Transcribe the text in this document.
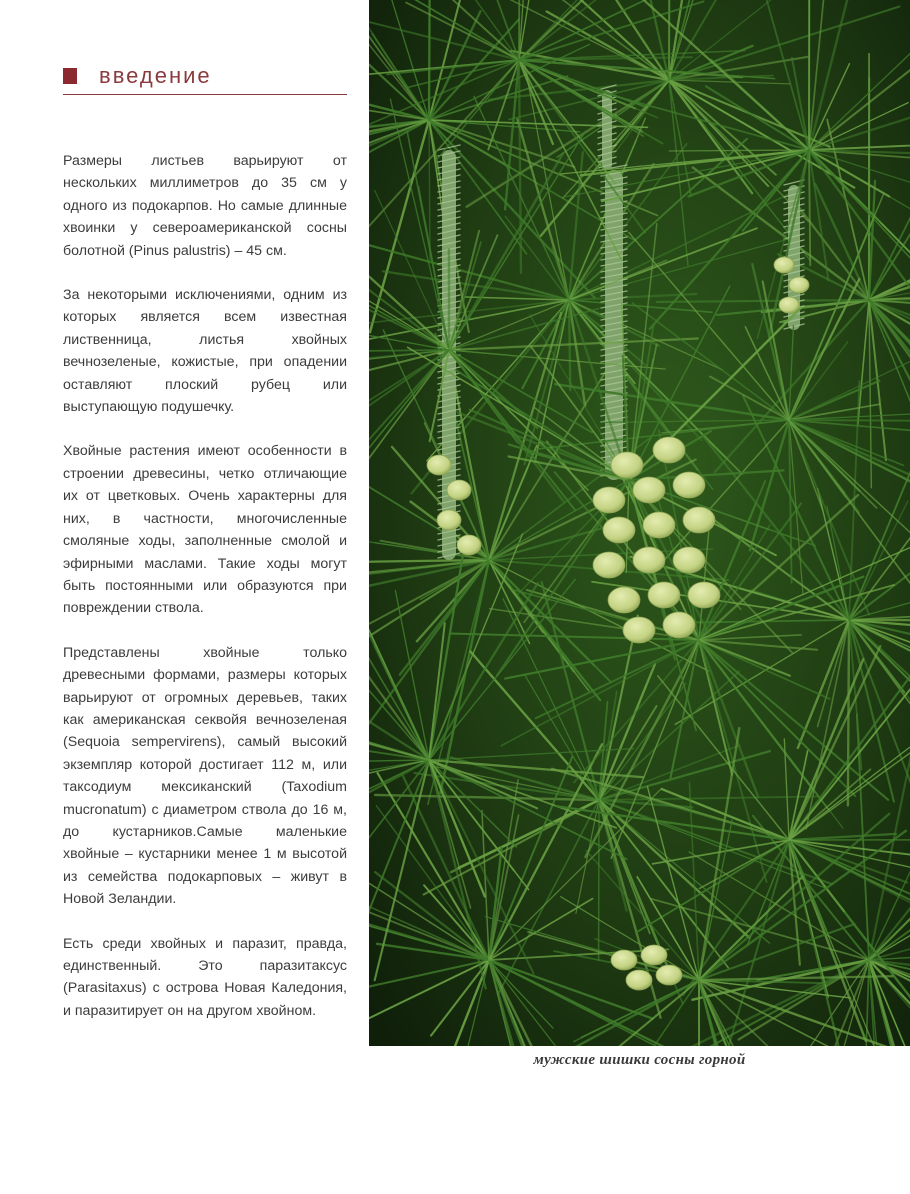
введение

Размеры листьев варьируют от нескольких миллиметров до 35 см у одного из подокарпов. Но самые длинные хвоинки у североамериканской сосны болотной (Pinus palustris) – 45 см.

За некоторыми исключениями, одним из которых является всем известная лиственница, листья хвойных вечнозеленые, кожистые, при опадении оставляют плоский рубец или выступающую подушечку.

Хвойные растения имеют особенности в строении древесины, четко отличающие их от цветковых. Очень характерны для них, в частности, многочисленные смоляные ходы, заполненные смолой и эфирными маслами. Такие ходы могут быть постоянными или образуются при повреждении ствола.

Представлены хвойные только древесными формами, размеры которых варьируют от огромных деревьев, таких как американская секвойя вечнозеленая (Sequoia sempervirens), самый высокий экземпляр которой достигает 112 м, или таксодиум мексиканский (Taxodium mucronatum) с диаметром ствола до 16 м, до кустарников.Самые маленькие хвойные – кустарники менее 1 м высотой из семейства подокарповых – живут в Новой Зеландии.

Есть среди хвойных и паразит, правда, единственный. Это паразитаксус (Parasitaxus) с острова Новая Каледония, и паразитирует он на другом хвойном.

мужские шишки сосны горной
